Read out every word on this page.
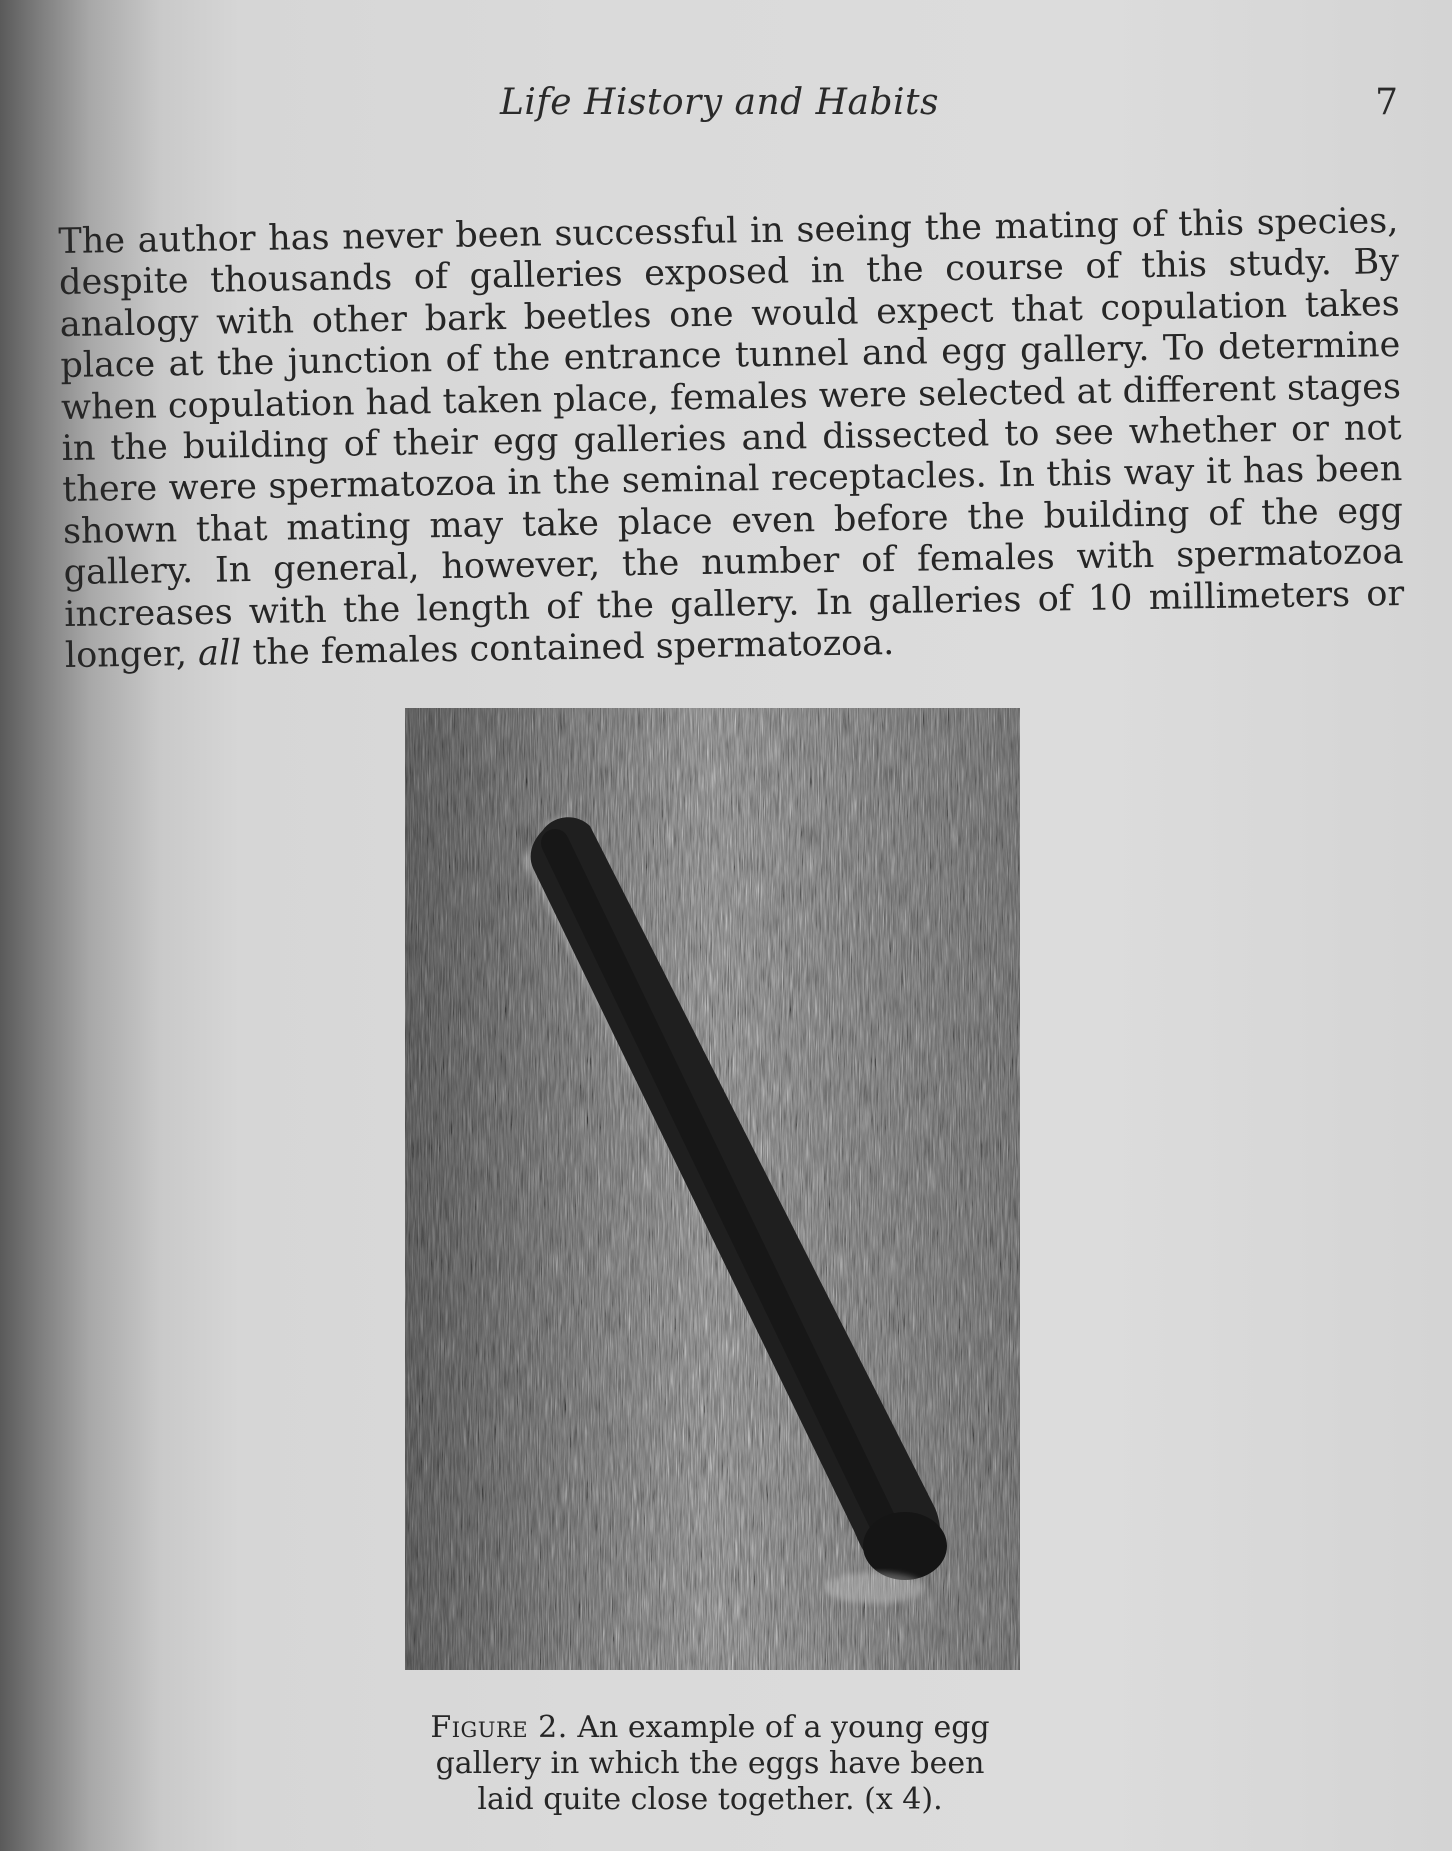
Life History and Habits	7

The author has never been successful in seeing the mating of this species, despite thousands of galleries exposed in the course of this study. By analogy with other bark beetles one would expect that copulation takes place at the junction of the entrance tunnel and egg gallery. To determine when copulation had taken place, females were selected at different stages in the building of their egg galleries and dissected to see whether or not there were spermatozoa in the seminal receptacles. In this way it has been shown that mating may take place even before the building of the egg gallery. In general, however, the number of females with spermatozoa increases with the length of the gallery. In galleries of 10 millimeters or longer, all the females contained spermatozoa.

Figure 2. An example of a young egg gallery in which the eggs have been laid quite close together. (x 4).
